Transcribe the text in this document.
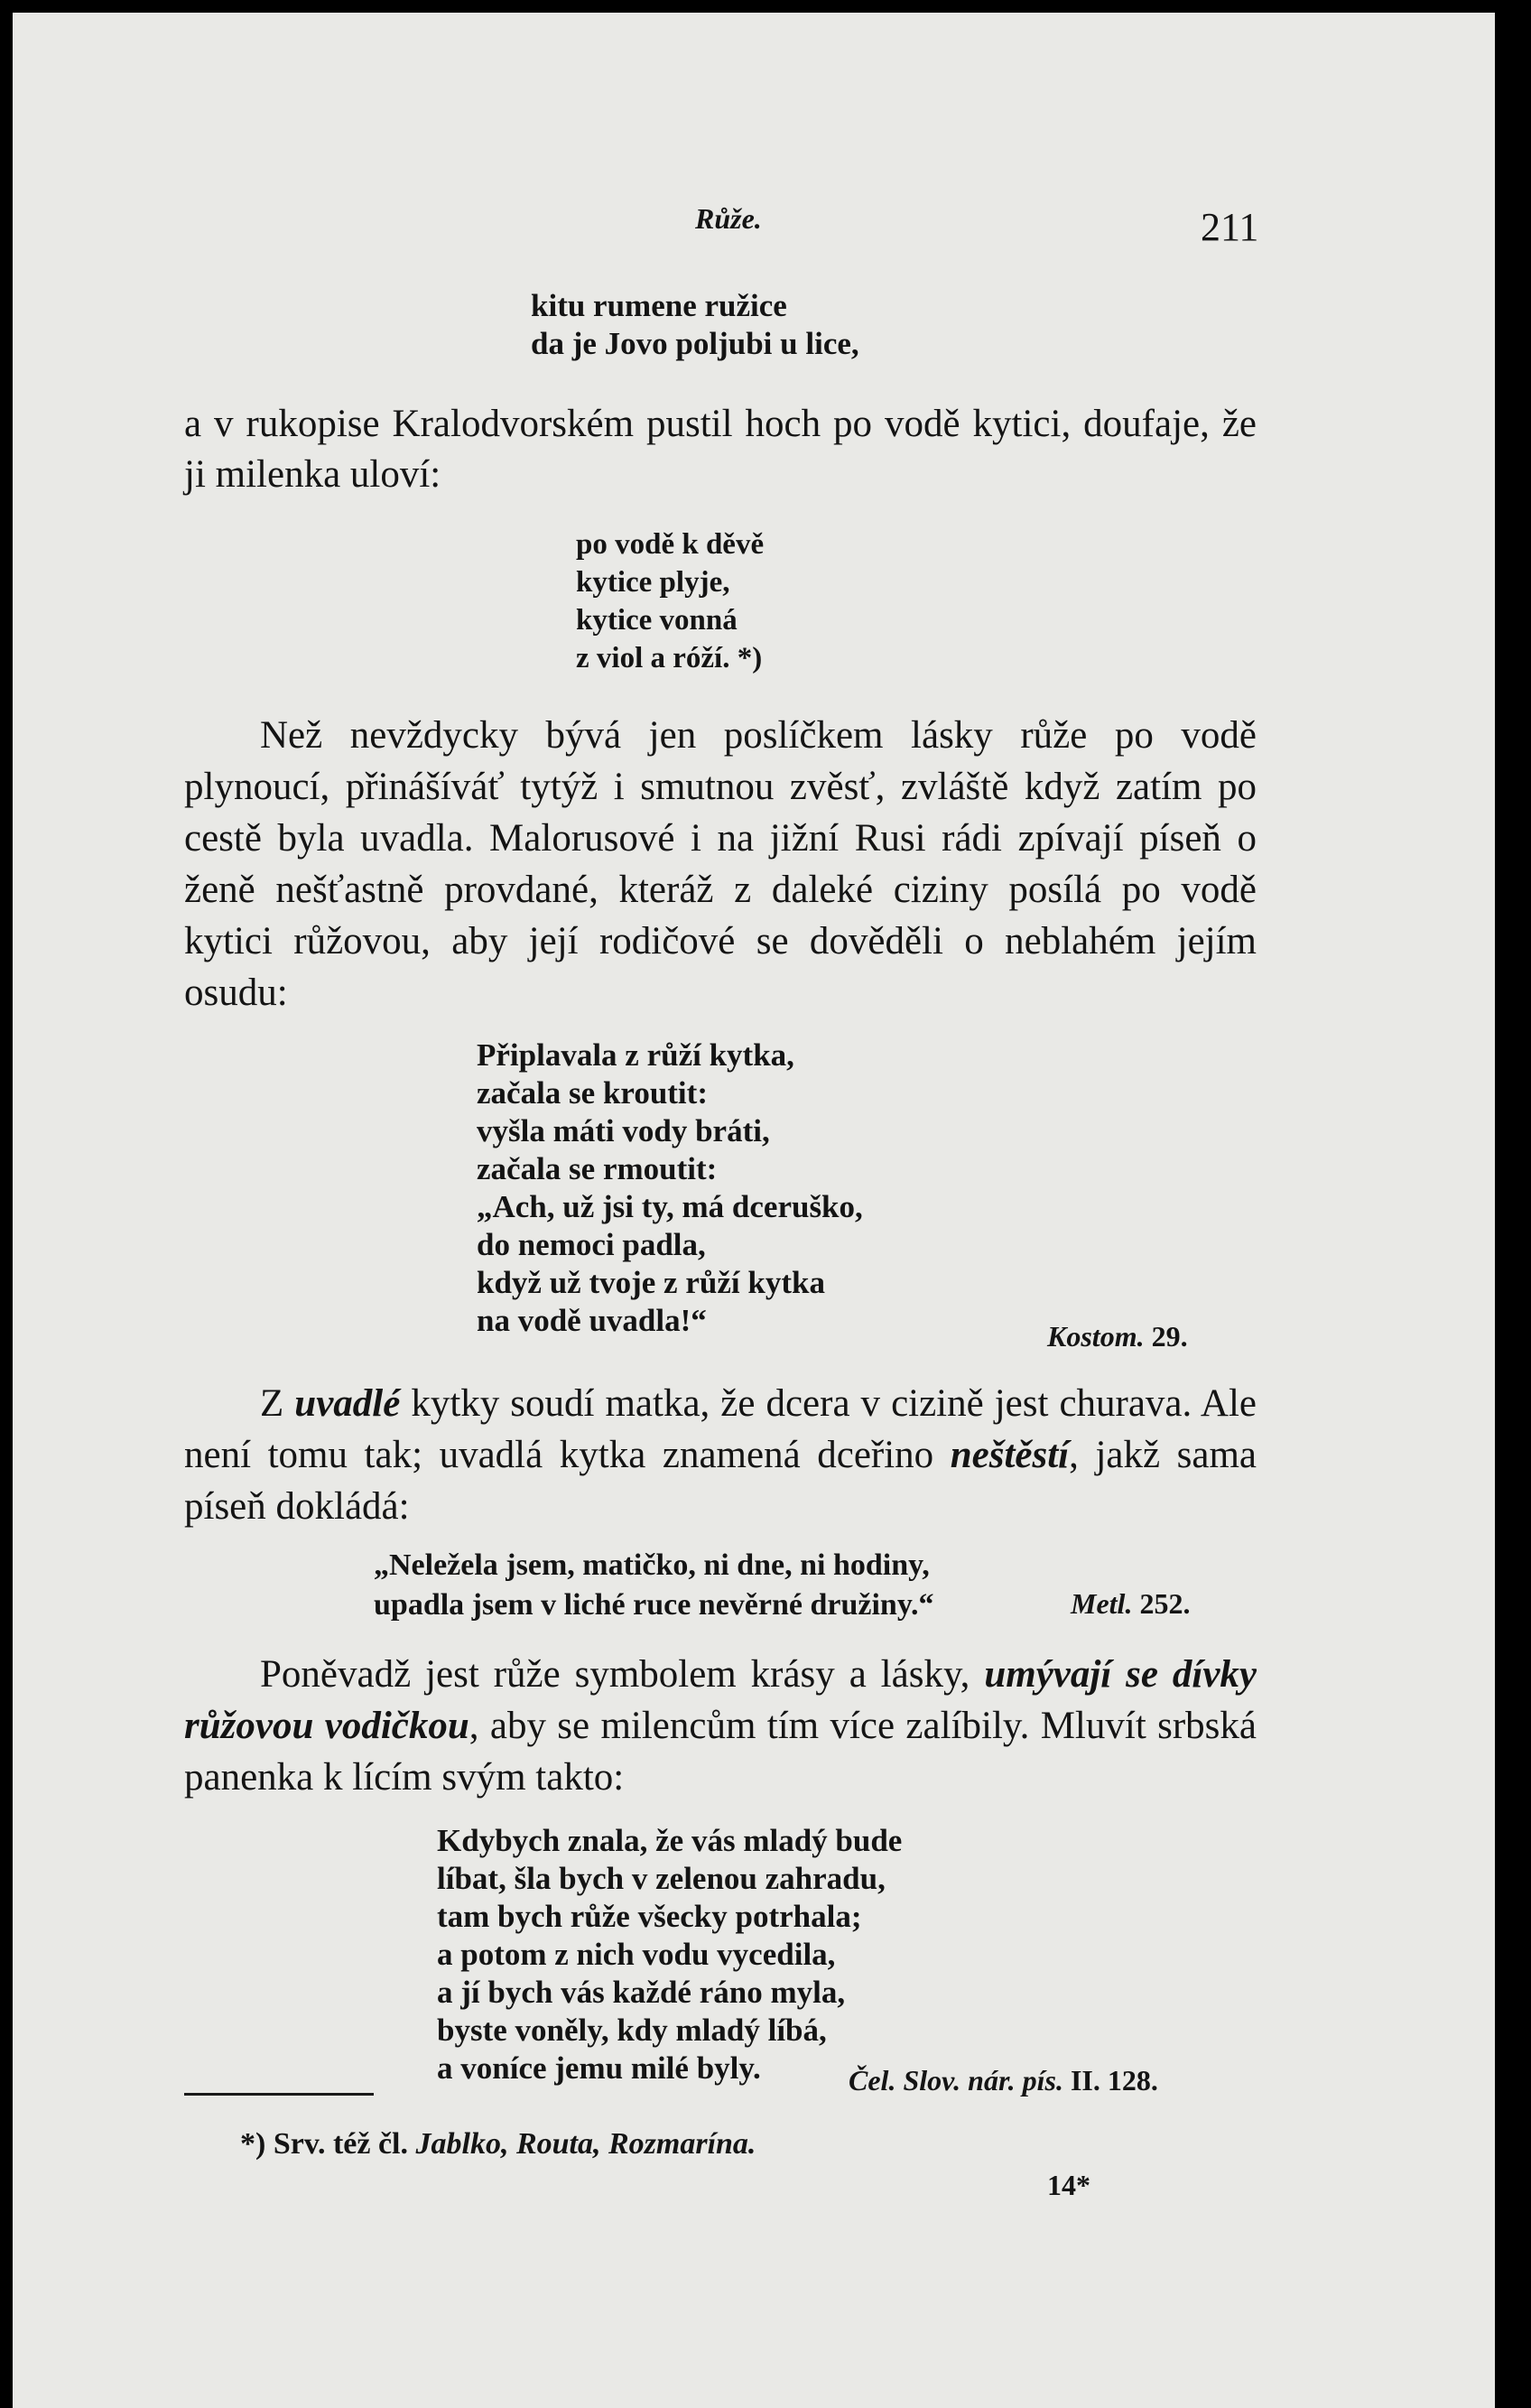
Růže.	211
kitu rumene ružice
da je Jovo poljubi u lice,
a v rukopise Kralodvorském pustil hoch po vodě kytici, doufaje, že ji milenka uloví:
po vodě k děvě
kytice plyje,
kytice vonná
z viol a róží. *)
Než nevždycky bývá jen poslíčkem lásky růže po vodě plynoucí, přinášíváť tytýž i smutnou zvěsť, zvláště když zatím po cestě byla uvadla. Malorusové i na jižní Rusi rádi zpívají píseň o ženě nešťastně provdané, kteráž z daleké ciziny posílá po vodě kytici růžovou, aby její rodičové se dověděli o neblahém jejím osudu:
Připlavala z růží kytka,
začala se kroutit:
vyšla máti vody bráti,
začala se rmoutit:
„Ach, už jsi ty, má dceruško,
do nemoci padla,
když už tvoje z růží kytka
na vodě uvadla!“	Kostom. 29.
Z uvadlé kytky soudí matka, že dcera v cizině jest churava. Ale není tomu tak; uvadlá kytka znamená dceřino neštěstí, jakž sama píseň dokládá:
„Neležela jsem, matičko, ni dne, ni hodiny,
upadla jsem v liché ruce nevěrné družiny.“	Metl. 252.
Poněvadž jest růže symbolem krásy a lásky, umývají se dívky růžovou vodičkou, aby se milencům tím více zalíbily. Mluvít srbská panenka k lícím svým takto:
Kdybych znala, že vás mladý bude
líbat, šla bych v zelenou zahradu,
tam bych růže všecky potrhala;
a potom z nich vodu vycedila,
a jí bych vás každé ráno myla,
byste voněly, kdy mladý líbá,
a voníce jemu milé byly.	Čel. Slov. nár. pís. II. 128.
*) Srv. též čl. Jablko, Routa, Rozmarína.
14*
